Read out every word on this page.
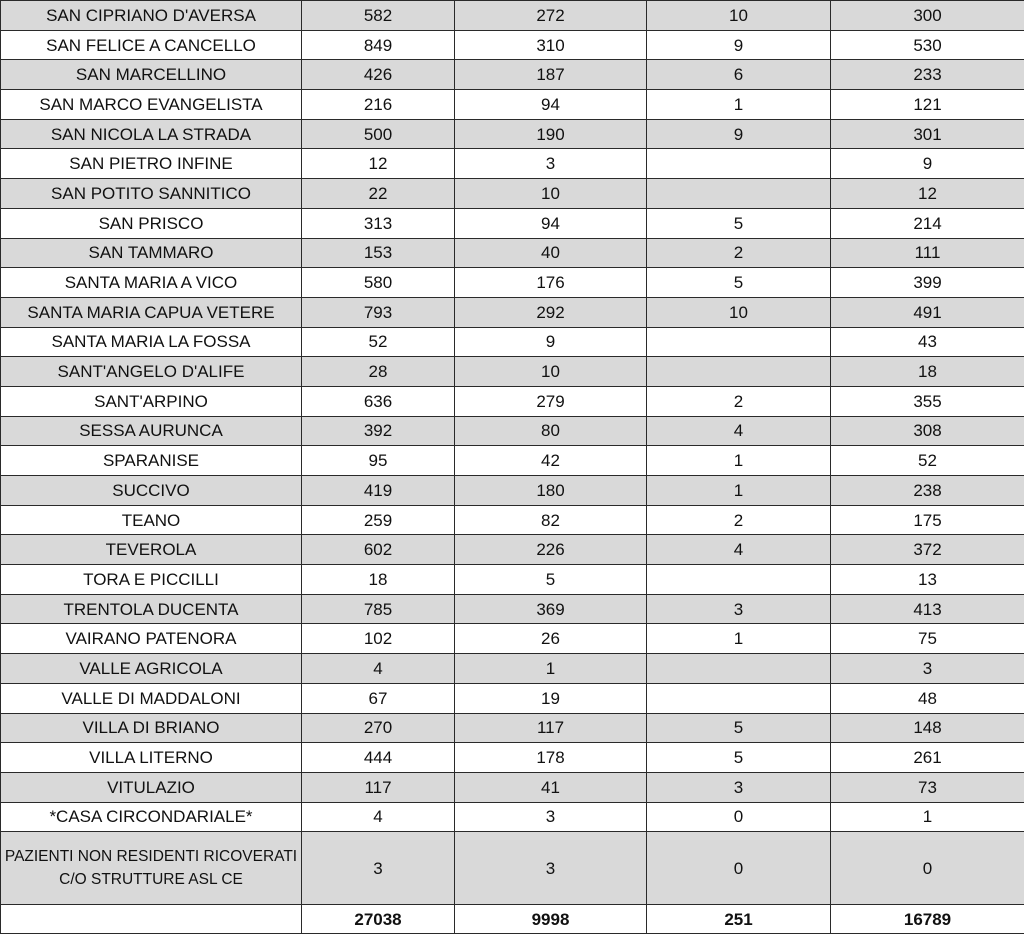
SAN CIPRIANO D'AVERSA	582	272	10	300
SAN FELICE A CANCELLO	849	310	9	530
SAN MARCELLINO	426	187	6	233
SAN MARCO EVANGELISTA	216	94	1	121
SAN NICOLA LA STRADA	500	190	9	301
SAN PIETRO INFINE	12	3		9
SAN POTITO SANNITICO	22	10		12
SAN PRISCO	313	94	5	214
SAN TAMMARO	153	40	2	111
SANTA MARIA A VICO	580	176	5	399
SANTA MARIA CAPUA VETERE	793	292	10	491
SANTA MARIA LA FOSSA	52	9		43
SANT'ANGELO D'ALIFE	28	10		18
SANT'ARPINO	636	279	2	355
SESSA AURUNCA	392	80	4	308
SPARANISE	95	42	1	52
SUCCIVO	419	180	1	238
TEANO	259	82	2	175
TEVEROLA	602	226	4	372
TORA E PICCILLI	18	5		13
TRENTOLA DUCENTA	785	369	3	413
VAIRANO PATENORA	102	26	1	75
VALLE AGRICOLA	4	1		3
VALLE DI MADDALONI	67	19		48
VILLA DI BRIANO	270	117	5	148
VILLA LITERNO	444	178	5	261
VITULAZIO	117	41	3	73
*CASA CIRCONDARIALE*	4	3	0	1
PAZIENTI NON RESIDENTI RICOVERATI C/O STRUTTURE ASL CE	3	3	0	0
	27038	9998	251	16789
